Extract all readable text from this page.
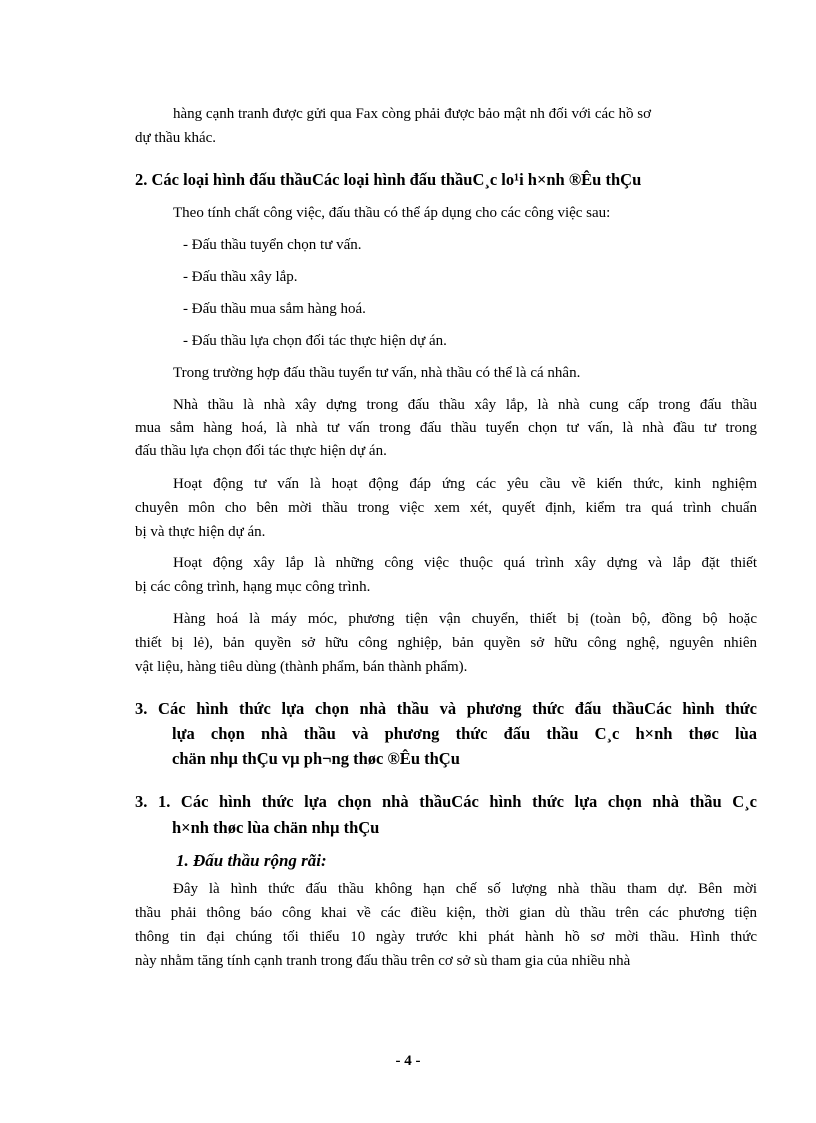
hàng cạnh tranh được gửi qua Fax còng phải được bảo mật nh đối với các hồ sơ
dự thầu khác.
2. Các loại hình đấu thầuCác loại hình đấu thầuC¸c lo¹i h×nh ®Êu thÇu
Theo tính chất công việc, đấu thầu có thể áp dụng cho các công việc sau:
- Đấu thầu tuyển chọn tư vấn.
- Đấu thầu xây lắp.
- Đấu thầu mua sắm hàng hoá.
- Đấu thầu lựa chọn đối tác thực hiện dự án.
Trong trường hợp đấu thầu tuyển tư vấn, nhà thầu có thể là cá nhân.
Nhà thầu là nhà xây dựng trong đấu thầu xây lắp, là nhà cung cấp trong đấu thầu
mua sắm hàng hoá, là nhà tư vấn trong đấu thầu tuyển chọn tư vấn, là nhà đầu tư trong
đấu thầu lựa chọn đối tác thực hiện dự án.
Hoạt động tư vấn là hoạt động đáp ứng các yêu cầu về kiến thức, kinh nghiệm
chuyên môn cho bên mời thầu trong việc xem xét, quyết định, kiểm tra quá trình chuẩn
bị và thực hiện dự án.
Hoạt động xây lắp là những công việc thuộc quá trình xây dựng và lắp đặt thiết
bị các công trình, hạng mục công trình.
Hàng hoá là máy móc, phương tiện vận chuyển, thiết bị (toàn bộ, đồng bộ hoặc
thiết bị lẻ), bản quyền sở hữu công nghiệp, bản quyền sở hữu công nghệ, nguyên nhiên
vật liệu, hàng tiêu dùng (thành phẩm, bán thành phẩm).
3. Các hình thức lựa chọn nhà thầu và phương thức đấu thầuCác hình thức
lựa chọn nhà thầu và phương thức đấu thầu C¸c h×nh thøc lùa
chän nhµ thÇu vµ ph¬ng thøc ®Êu thÇu
3. 1. Các hình thức lựa chọn nhà thầuCác hình thức lựa chọn nhà thầu C¸c
h×nh thøc lùa chän nhµ thÇu
1. Đấu thầu rộng rãi:
Đây là hình thức đấu thầu không hạn chế số lượng nhà thầu tham dự. Bên mời
thầu phải thông báo công khai về các điều kiện, thời gian dù thầu trên các phương tiện
thông tin đại chúng tối thiểu 10 ngày trước khi phát hành hồ sơ mời thầu. Hình thức
này nhằm tăng tính cạnh tranh trong đấu thầu trên cơ sở sù tham gia của nhiều nhà
- 4 -
